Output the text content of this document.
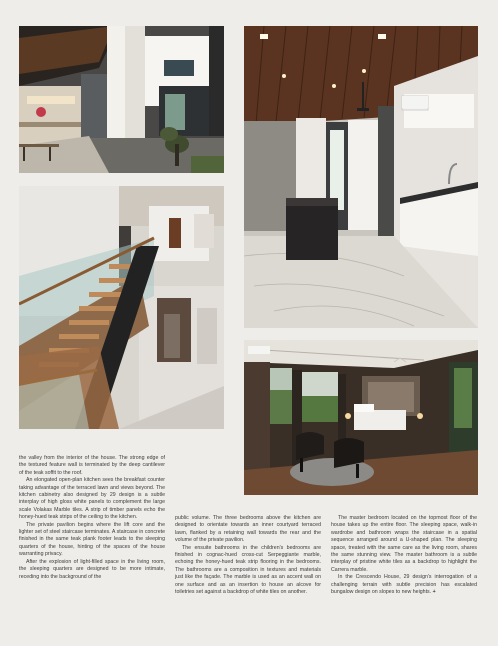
the valley from the interior of the house. The strong edge of the textured feature wall is terminated by the deep cantilever of the teak soffit to the roof.

An elongated open-plan kitchen sees the breakfast counter taking advantage of the terraced lawn and views beyond. The kitchen cabinetry also designed by 29 design is a subtle interplay of high gloss white panels to complement the large scale Volakas Marble tiles. A strip of timber panels echo the honey-hued teak strips of the ceiling to the kitchen.

The private pavilion begins where the lift core and the lighter set of steel staircase terminates. A staircase in concrete finished in the same teak plank footer leads to the sleeping quarters of the house, hinting of the spaces of the house warranting privacy.

After the explosion of light-filled space in the living room, the sleeping quarters are designed to be more intimate, receding into the background of the

public volume. The three bedrooms above the kitchen are designed to orientate towards an inner courtyard terraced lawn, flanked by a retaining wall towards the rear and the volume of the private pavilion.

The ensuite bathrooms in the children's bedrooms are finished in cognac-hued cross-cut Serpeggiante marble, echoing the honey-hued teak strip flooring in the bedrooms. The bathrooms are a composition in textures and materials just like the façade. The marble is used as an accent wall on one surface and as an insertion to house an alcove for toiletries set against a backdrop of white tiles on another.

The master bedroom located on the topmost floor of the house takes up the entire floor. The sleeping space, walk-in wardrobe and bathroom wraps the staircase in a spatial sequence arranged around a U-shaped plan. The sleeping space, treated with the same care as the living room, shares the same stunning view. The master bathroom is a subtle interplay of pristine white tiles as a backdrop to highlight the Carrera marble.

In the Crescendo House, 29 design's interrogation of a challenging terrain with subtle precision has escalated bungalow design on slopes to new heights. +
